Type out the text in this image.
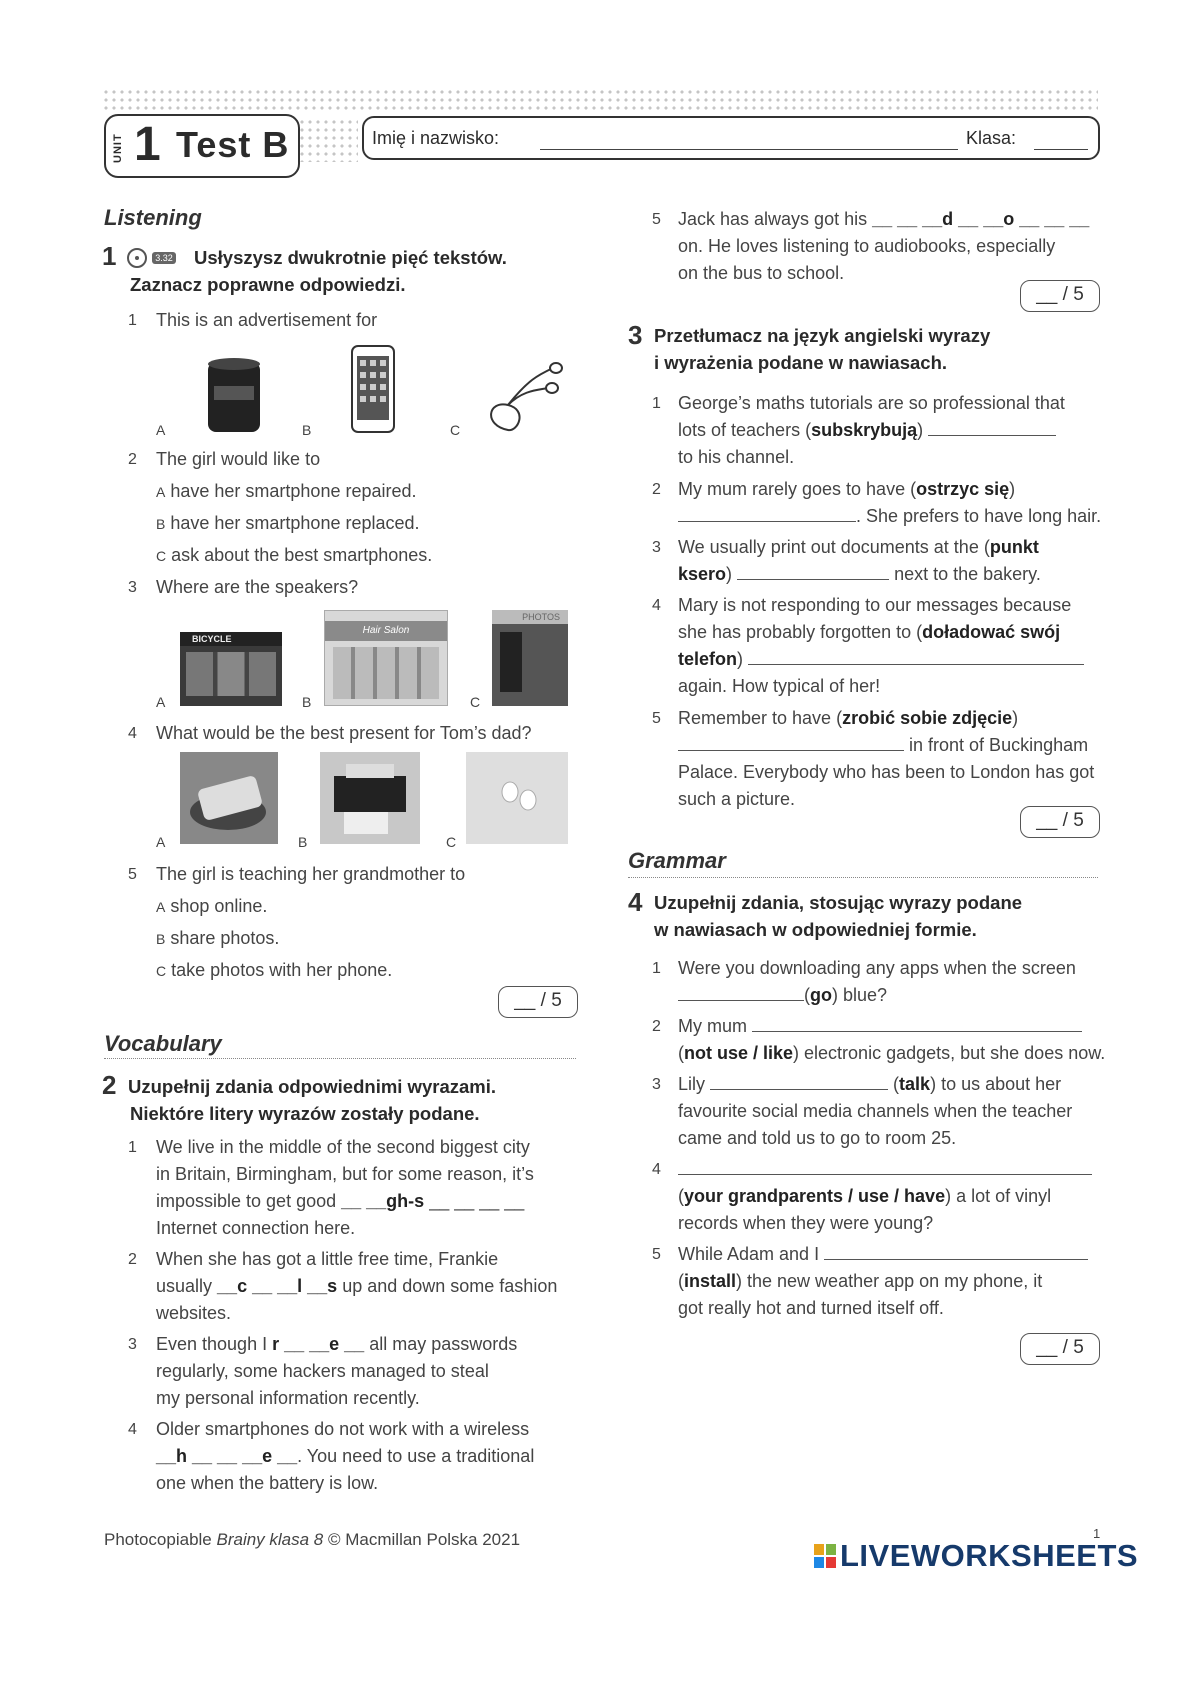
UNIT 1 Test B	Imię i nazwisko:	Klasa:
Listening
1	3.32 Usłyszysz dwukrotnie pięć tekstów.
Zaznacz poprawne odpowiedzi.
1 This is an advertisement for
A	B	C
2 The girl would like to
A have her smartphone repaired.
B have her smartphone replaced.
C ask about the best smartphones.
3 Where are the speakers?
A	B	C
BICYCLE
Hair Salon
PHOTOS
4 What would be the best present for Tom’s dad?
A	B	C
5 The girl is teaching her grandmother to
A shop online.
B share photos.
C take photos with her phone.
__ / 5
Vocabulary
2 Uzupełnij zdania odpowiednimi wyrazami.
Niektóre litery wyrazów zostały podane.
1 We live in the middle of the second biggest city
in Britain, Birmingham, but for some reason, it’s
impossible to get good __ __gh-s __ __ __ __
Internet connection here.
2 When she has got a little free time, Frankie
usually __c __ __l __s up and down some fashion
websites.
3 Even though I r __ __e __ all may passwords
regularly, some hackers managed to steal
my personal information recently.
4 Older smartphones do not work with a wireless
__h __ __ __e __. You need to use a traditional
one when the battery is low.
5 Jack has always got his __ __ __d __ __o __ __ __
on. He loves listening to audiobooks, especially
on the bus to school.
__ / 5
3 Przetłumacz na język angielski wyrazy
i wyrażenia podane w nawiasach.
1 George’s maths tutorials are so professional that
lots of teachers (subskrybują)
to his channel.
2 My mum rarely goes to have (ostrzyc się)
. She prefers to have long hair.
3 We usually print out documents at the (punkt
ksero)	next to the bakery.
4 Mary is not responding to our messages because
she has probably forgotten to (doładować swój
telefon)
again. How typical of her!
5 Remember to have (zrobić sobie zdjęcie)
in front of Buckingham
Palace. Everybody who has been to London has got
such a picture.
__ / 5
Grammar
4 Uzupełnij zdania, stosując wyrazy podane
w nawiasach w odpowiedniej formie.
1 Were you downloading any apps when the screen
(go) blue?
2 My mum
(not use / like) electronic gadgets, but she does now.
3 Lily	(talk) to us about her
favourite social media channels when the teacher
came and told us to go to room 25.
4
(your grandparents / use / have) a lot of vinyl
records when they were young?
5 While Adam and I
(install) the new weather app on my phone, it
got really hot and turned itself off.
__ / 5
Photocopiable Brainy klasa 8 © Macmillan Polska 2021	1
LIVEWORKSHEETS
